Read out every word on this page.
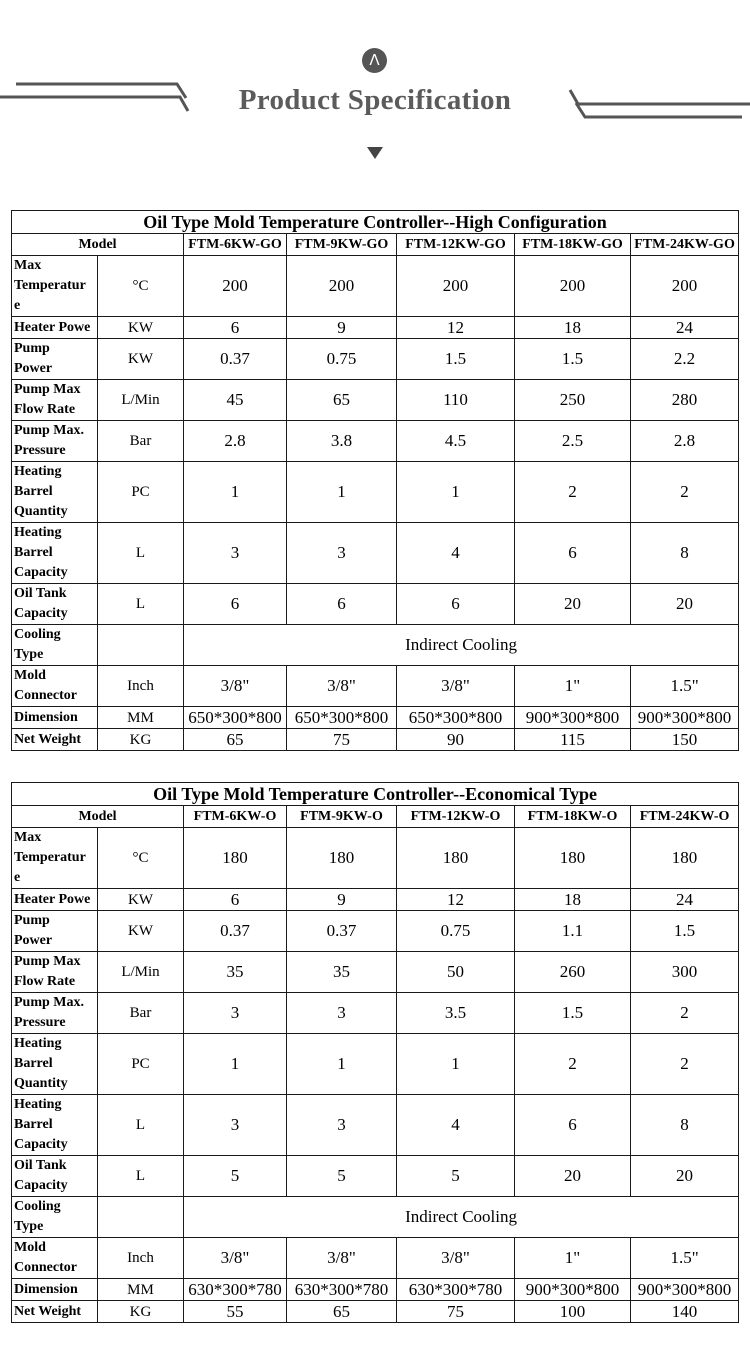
Λ
Product Specification
Oil Type Mold Temperature Controller--High Configuration						
Model		FTM-6KW-GO	FTM-9KW-GO	FTM-12KW-GO	FTM-18KW-GO	FTM-24KW-GO

Max
Temperatur
e	°C	200	200	200	200	200

Heater Powe	KW	6	9	12	18	24

Pump
Power	KW	0.37	0.75	1.5	1.5	2.2

Pump Max
Flow Rate	L/Min	45	65	110	250	280

Pump Max.
Pressure	Bar	2.8	3.8	4.5	2.5	2.8

Heating
Barrel
Quantity	PC	1	1	1	2	2

Heating
Barrel
Capacity	L	3	3	4	6	8

Oil Tank
Capacity	L	6	6	6	20	20

Cooling
Type		Indirect Cooling				

Mold
Connector	Inch	3/8"	3/8"	3/8"	1"	1.5"

Dimension	MM	650*300*800	650*300*800	650*300*800	900*300*800	900*300*800

Net Weight	KG	65	75	90	115	150
Oil Type Mold Temperature Controller--Economical Type						
Model		FTM-6KW-O	FTM-9KW-O	FTM-12KW-O	FTM-18KW-O	FTM-24KW-O

Max
Temperatur
e	°C	180	180	180	180	180

Heater Powe	KW	6	9	12	18	24

Pump
Power	KW	0.37	0.37	0.75	1.1	1.5

Pump Max
Flow Rate	L/Min	35	35	50	260	300

Pump Max.
Pressure	Bar	3	3	3.5	1.5	2

Heating
Barrel
Quantity	PC	1	1	1	2	2

Heating
Barrel
Capacity	L	3	3	4	6	8

Oil Tank
Capacity	L	5	5	5	20	20

Cooling
Type		Indirect Cooling				

Mold
Connector	Inch	3/8"	3/8"	3/8"	1"	1.5"

Dimension	MM	630*300*780	630*300*780	630*300*780	900*300*800	900*300*800

Net Weight	KG	55	65	75	100	140
